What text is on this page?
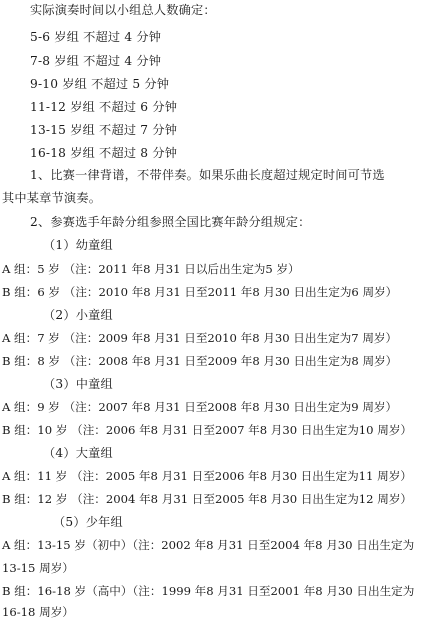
实际演奏时间以小组总人数确定：
5-6 岁组 不超过 4 分钟
7-8 岁组 不超过 4 分钟
9-10 岁组 不超过 5 分钟
11-12 岁组 不超过 6 分钟
13-15 岁组 不超过 7 分钟
16-18 岁组 不超过 8 分钟
1、比赛一律背谱，不带伴奏。如果乐曲长度超过规定时间可节选
其中某章节演奏。
2、参赛选手年龄分组参照全国比赛年龄分组规定：
（1）幼童组
A 组：5 岁 （注：2011 年8 月31 日以后出生定为5 岁）
B 组：6 岁 （注：2010 年8 月31 日至2011 年8 月30 日出生定为6 周岁）
（2）小童组
A 组：7 岁 （注：2009 年8 月31 日至2010 年8 月30 日出生定为7 周岁）
B 组：8 岁 （注：2008 年8 月31 日至2009 年8 月30 日出生定为8 周岁）
（3）中童组
A 组：9 岁 （注：2007 年8 月31 日至2008 年8 月30 日出生定为9 周岁）
B 组：10 岁 （注：2006 年8 月31 日至2007 年8 月30 日出生定为10 周岁）
（4）大童组
A 组：11 岁 （注：2005 年8 月31 日至2006 年8 月30 日出生定为11 周岁）
B 组：12 岁 （注：2004 年8 月31 日至2005 年8 月30 日出生定为12 周岁）
（5）少年组
A 组：13-15 岁（初中）（注：2002 年8 月31 日至2004 年8 月30 日出生定为
13-15 周岁）
B 组：16-18 岁（高中）（注：1999 年8 月31 日至2001 年8 月30 日出生定为
16-18 周岁）
